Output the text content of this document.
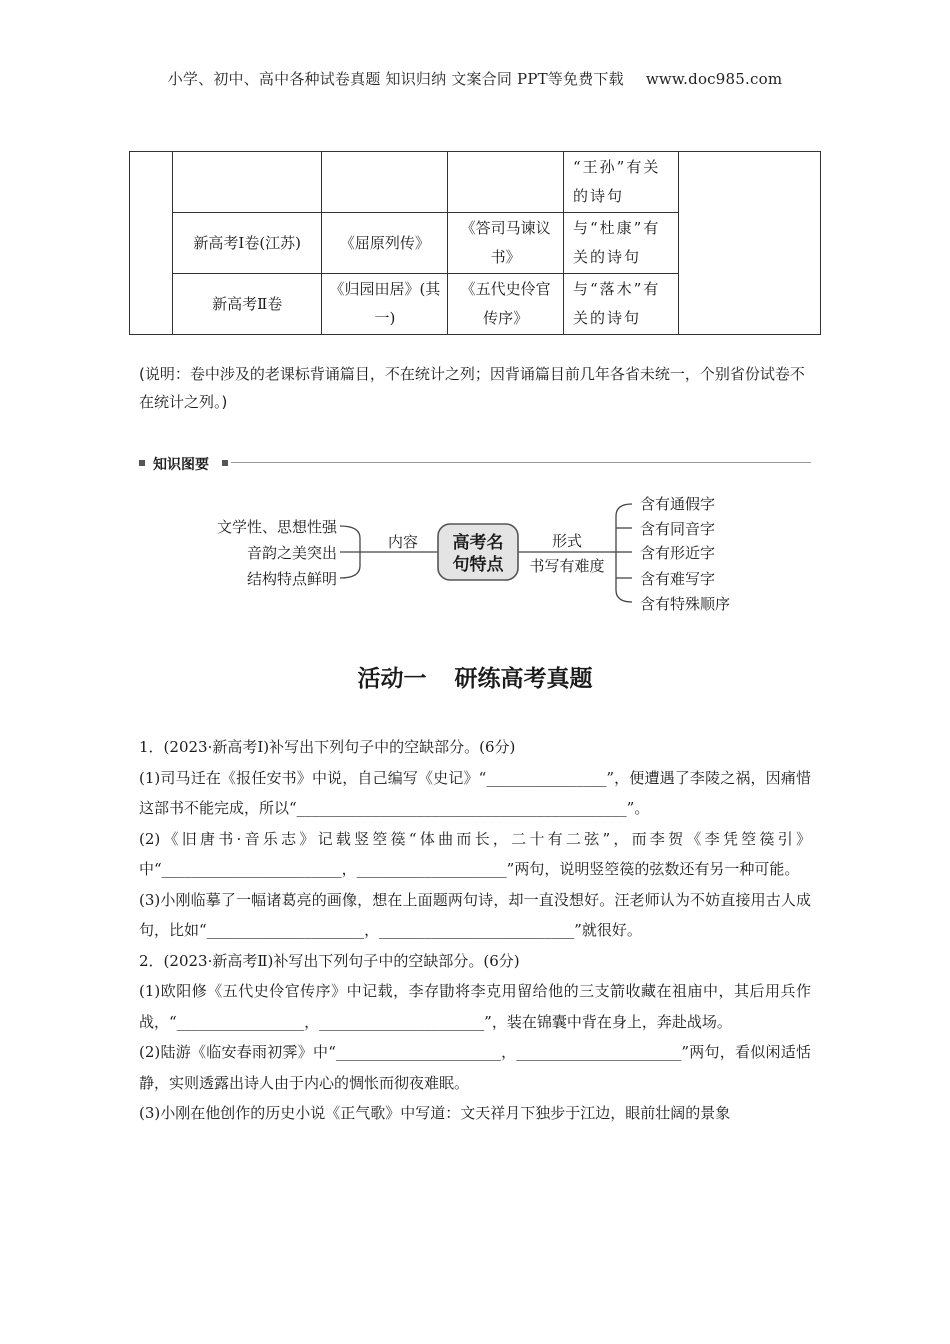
小学、初中、高中各种试卷真题 知识归纳 文案合同 PPT等免费下载 www.doc985.com
				“王孙”有关的诗句	
	新高考Ⅰ卷(江苏)	《屈原列传》	《答司马谏议书》	与“杜康”有关的诗句	
	新高考Ⅱ卷	《归园田居》(其一)	《五代史伶官传序》	与“落木”有关的诗句	
(说明：卷中涉及的老课标背诵篇目，不在统计之列；因背诵篇目前几年各省未统一，个别省份试卷不在统计之列。)
知识图要
高考名
句特点
内容
文学性、思想性强
音韵之美突出
结构特点鲜明
形式
书写有难度
含有通假字
含有同音字
含有形近字
含有难写字
含有特殊顺序
活动一 研练高考真题

1．(2023·新高考Ⅰ)补写出下列句子中的空缺部分。(6分)

(1)司马迁在《报任安书》中说，自己编写《史记》“________________”，便遭遇了李陵之祸，因痛惜这部书不能完成，所以“____________________________________________”。

(2)《旧唐书·音乐志》记载竖箜篌“体曲而长，二十有二弦”，而李贺《李凭箜篌引》中“________________________，____________________”两句，说明竖箜篌的弦数还有另一种可能。

(3)小刚临摹了一幅诸葛亮的画像，想在上面题两句诗，却一直没想好。汪老师认为不妨直接用古人成句，比如“_____________________，__________________________”就很好。

2．(2023·新高考Ⅱ)补写出下列句子中的空缺部分。(6分)

(1)欧阳修《五代史伶官传序》中记载，李存勖将李克用留给他的三支箭收藏在祖庙中，其后用兵作战，“_________________，______________________”，装在锦囊中背在身上，奔赴战场。

(2)陆游《临安春雨初霁》中“______________________，______________________”两句，看似闲适恬静，实则透露出诗人由于内心的惆怅而彻夜难眠。

(3)小刚在他创作的历史小说《正气歌》中写道：文天祥月下独步于江边，眼前壮阔的景象
